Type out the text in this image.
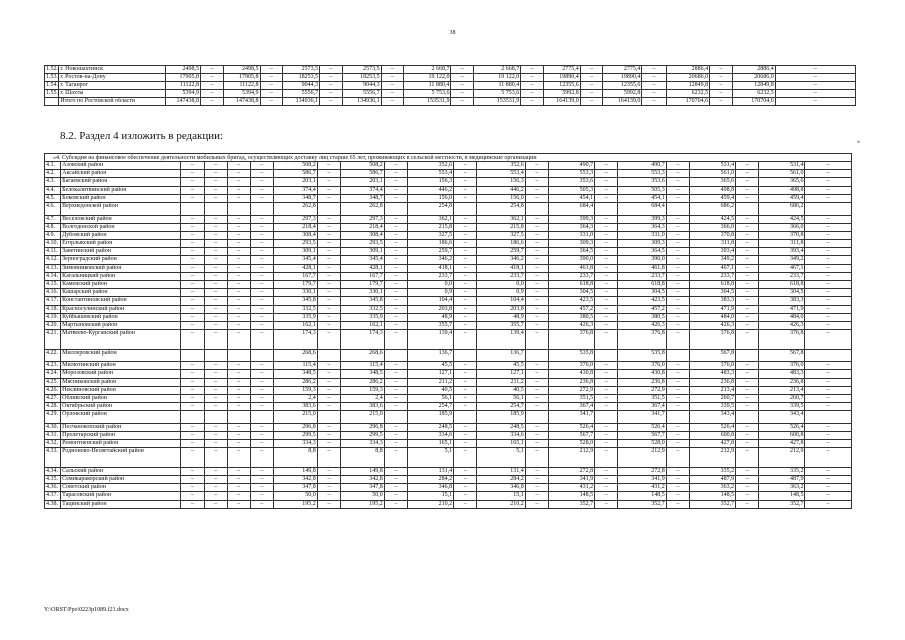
38
1.52.	г. Новошахтинск	2498,5	–	2498,5	–	2573,5	–	2573,5	–	2 668,7	–	2 668,7	–	2775,4	–	2775,4	–	2886,4	–	2886,4	–
1.53.	г. Ростов-на-Дону	17905,8	–	17905,8	–	18253,5	–	18253,5	–	19 122,0	–	19 122,0	–	19890,4	–	19890,4	–	20686,0	–	20686,0	–
1.54.	г. Таганрог	11122,8	–	11122,8	–	9044,3	–	9044,3	–	11 880,4	–	11 880,4	–	12355,6	–	12355,6	–	12849,8	–	12849,8	–
1.55.	г. Шахты	5394,9	–	5394,9	–	5556,7	–	5556,7	–	5 753,6	–	5 753,6	–	5992,8	–	5992,8	–	6232,5	–	6232,5	–
	Итого по Ростовской области	147438,8	–	147438,8	–	134936,1	–	134936,1	–	153531,9	–	153531,9	–	164139,0	–	164139,0	–	170704,6	–	170704,6	–
»
8.2. Раздел 4 изложить в редакции:
«4. Субсидия на финансовое обеспечение деятельности мобильных бригад, осуществляющих доставку лиц старше 65 лет, проживающих в сельской местности, в медицинские организации
4.1.	Азовский район	–	–	–	–	508,2	–	508,2	–	352,6	–	352,6	–	490,7	–	490,7	–	531,4	–	531,4	–
4.2.	Аксайский район	–	–	–	–	586,7	–	586,7	–	553,4	–	553,4	–	553,3	–	553,3	–	561,0	–	561,0	–
4.3.	Багаевский район	–	–	–	–	203,1	–	203,1	–	156,3	–	156,3	–	353,6	–	353,6	–	365,6	–	365,6	–
4.4.	Белокалитвинский район	–	–	–	–	374,4	–	374,4	–	446,2	–	446,2	–	505,3	–	505,3	–	498,8	–	498,8	–
4.5.	Боковский район	–	–	–	–	348,7	–	348,7	–	156,0	–	156,0	–	454,1	–	454,1	–	459,4	–	459,4	–
4.6.	Верхнедонской район					262,8		262,8		254,8		254,8		684,4		684,4		686,2		686,2	
4.7.	Веселовский район	–	–	–	–	297,3	–	297,3	–	362,1	–	362,1	–	399,3	–	399,3	–	424,5	–	424,5	–
4.8.	Волгодонской район	–	–	–	–	218,4	–	218,4	–	215,8	–	215,8	–	364,3	–	364,3	–	366,0	–	366,0	–
4.9.	Дубовский район	–	–	–	–	308,4	–	308,4	–	327,5	–	327,5	–	331,0	–	331,0	–	370,8	–	370,8	–
4.10.	Егорлыкский район	–	–	–	–	293,5	–	293,5	–	186,6	–	186,6	–	309,3	–	309,3	–	311,8	–	311,8	–
4.11.	Заветинский район	–	–	–	–	309,1	–	309,1	–	259,7	–	259,7	–	364,5	–	364,5	–	393,4	–	393,4	–
4.12.	Зерноградский район	–	–	–	–	345,4	–	345,4	–	346,2	–	346,2	–	390,0	–	390,0	–	349,2	–	349,2	–
4.13.	Зимовниковский район	–	–	–	–	428,1	–	428,1	–	418,1	–	418,1	–	461,8	–	461,8	–	467,1	–	467,1	–
4.14.	Кагальницкий район	–	–	–	–	167,7	–	167,7	–	233,7	–	233,7	–	233,7	–	233,7	–	233,7	–	233,7	–
4.15.	Каменский район	–	–	–	–	179,7	–	179,7	–	0,0	–	0,0	–	618,8	–	618,8	–	618,8	–	618,8	–
4.16.	Кашарский район	–	–	–	–	330,1	–	330,1	–	0,9	–	0,9	–	304,5	–	304,5	–	304,5	–	304,5	–
4.17.	Константиновский район	–	–	–	–	345,8	–	345,8	–	104,4	–	104,4	–	423,5	–	423,5	–	383,3	–	383,3	–
4.18.	Красносулинский район	–	–	–	–	332,5	–	332,5	–	203,8	–	203,8	–	457,2	–	457,2	–	471,9	–	471,9	–
4.19.	Куйбышевский район	–	–	–	–	335,9	–	335,9	–	48,9	–	48,9	–	380,5	–	380,5	–	484,0	–	484,0	–
4.20.	Мартыновский район	–	–	–	–	162,1	–	162,1	–	355,7	–	355,7	–	426,3	–	426,3	–	426,3	–	426,3	–
4.21.	Матвеево-Курганский район	–	–	–	–	174,3	–	174,3	–	139,4	–	139,4	–	376,8	–	376,8	–	376,8	–	376,8	–
4.22.	Миллеровский район					268,6		268,6		136,7		136,7		535,8		535,8		567,8		567,8	
4.23.	Милютинский район	–	–	–	–	115,4	–	115,4	–	45,5	–	45,5	–	376,0	–	376,0	–	376,0	–	376,0	–
4.24.	Морозовский район	–	–	–	–	348,5	–	348,5	–	127,1	–	127,1	–	430,8	–	430,8	–	483,3	–	483,3	–
4.25.	Мясниковский район	–	–	–	–	286,2	–	286,2	–	211,2	–	211,2	–	236,8	–	236,8	–	236,8	–	236,8	–
4.26.	Неклиновский район	–	–	–	–	159,3	–	159,3	–	40,5	–	40,5	–	272,9	–	272,9	–	213,4	–	213,4	–
4.27.	Обливский район	–	–	–	–	2,4	–	2,4	–	56,1	–	56,1	–	351,5	–	351,5	–	260,7	–	260,7	–
4.28.	Октябрьский район	–	–	–	–	383,6	–	383,6	–	254,7	–	254,7	–	367,4	–	367,4	–	339,5	–	339,5	–
4.29.	Орловский район					215,0		215,0		185,9		185,9		341,7		341,7		343,4		343,4	
4.30.	Песчанокопский район	–	–	–	–	296,8	–	296,8	–	248,5	–	248,5	–	526,4	–	526,4	–	526,4	–	526,4	–
4.31.	Пролетарский район	–	–	–	–	299,5	–	299,5	–	334,6	–	334,6	–	567,7	–	567,7	–	600,8	–	600,8	–
4.32.	Ремонтненский район	–	–	–	–	334,3	–	334,3	–	165,1	–	165,1	–	528,0	–	528,0	–	427,8	–	427,8	–
4.33.	Родионово-Несветайский район	–	–	–	–	8,8	–	8,8	–	5,1	–	5,1	–	212,9	–	212,9	–	212,9	–	212,9	–
4.34.	Сальский район	–	–	–	–	149,8	–	149,8	–	131,4	–	131,4	–	272,8	–	272,8	–	335,2	–	335,2	–
4.35.	Семикаракорский район	–	–	–	–	342,8	–	342,8	–	284,2	–	284,2	–	341,9	–	341,9	–	487,9	–	487,9	–
4.36.	Советский район	–	–	–	–	347,8	–	347,8	–	346,8	–	346,8	–	431,2	–	431,2	–	363,2	–	363,2	–
4.37.	Тарасовский район	–	–	–	–	50,0	–	50,0	–	15,1	–	15,1	–	148,5	–	148,5	–	148,5	–	148,5	–
4.38.	Тацинский район	–	–	–	–	195,2	–	195,2	–	210,2	–	210,2	–	352,7	–	352,7	–	352,7	–	352,7	–
Y:\ORST\Ppo\0223p1089.f21.docx
